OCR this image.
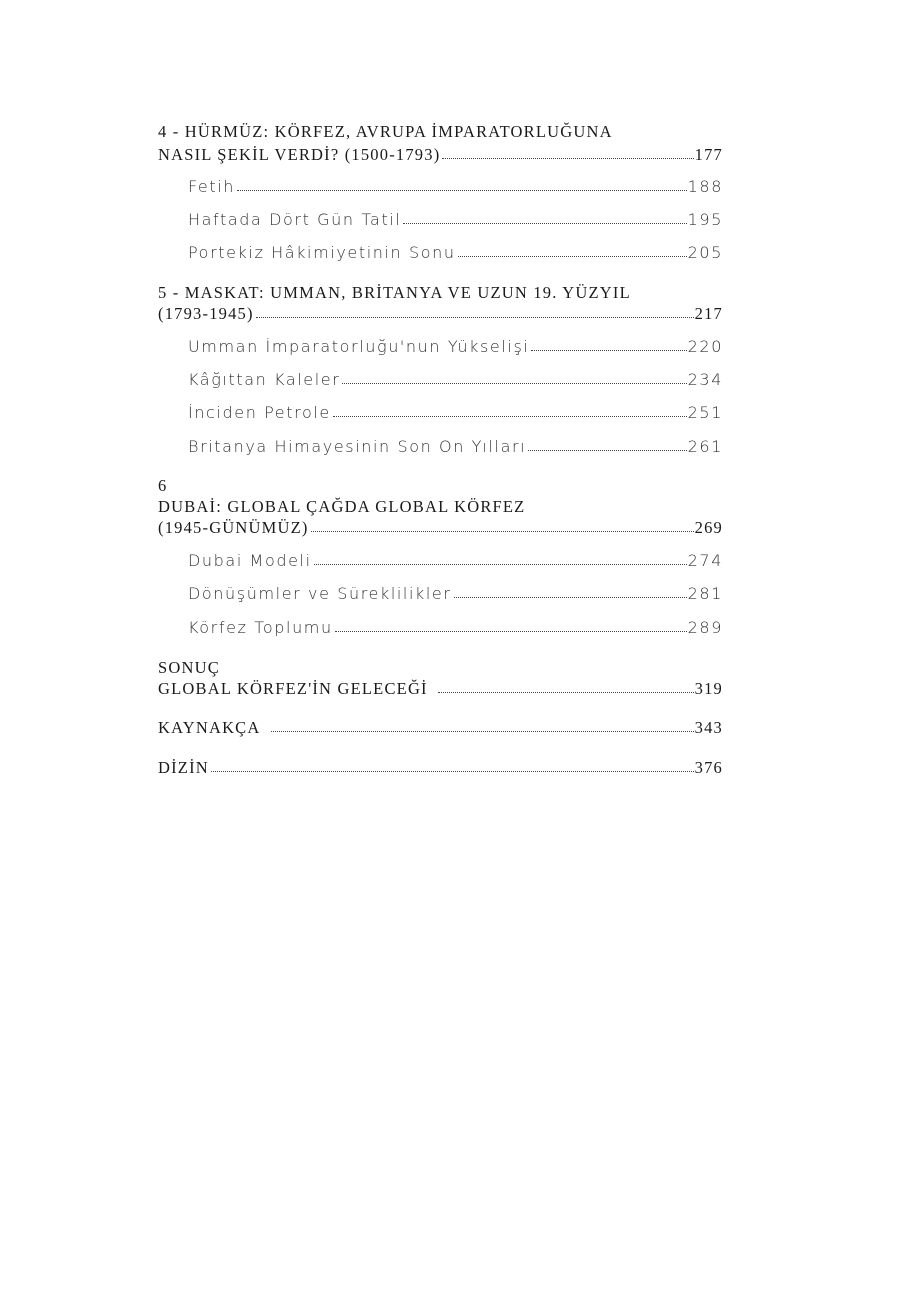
4 - HÜRMÜZ: KÖRFEZ, AVRUPA İMPARATORLUĞUNA
NASIL ŞEKİL VERDİ? (1500-1793)	177
Fetih	188
Haftada Dört Gün Tatil	195
Portekiz Hâkimiyetinin Sonu	205
5 - MASKAT: UMMAN, BRİTANYA VE UZUN 19. YÜZYIL
(1793-1945)	217
Umman İmparatorluğu'nun Yükselişi	220
Kâğıttan Kaleler	234
İnciden Petrole	251
Britanya Himayesinin Son On Yılları	261
6
DUBAİ: GLOBAL ÇAĞDA GLOBAL KÖRFEZ
(1945-GÜNÜMÜZ)	269
Dubai Modeli	274
Dönüşümler ve Süreklilikler	281
Körfez Toplumu	289
SONUÇ
GLOBAL KÖRFEZ'İN GELECEĞİ	319
KAYNAKÇA	343
DİZİN	376
